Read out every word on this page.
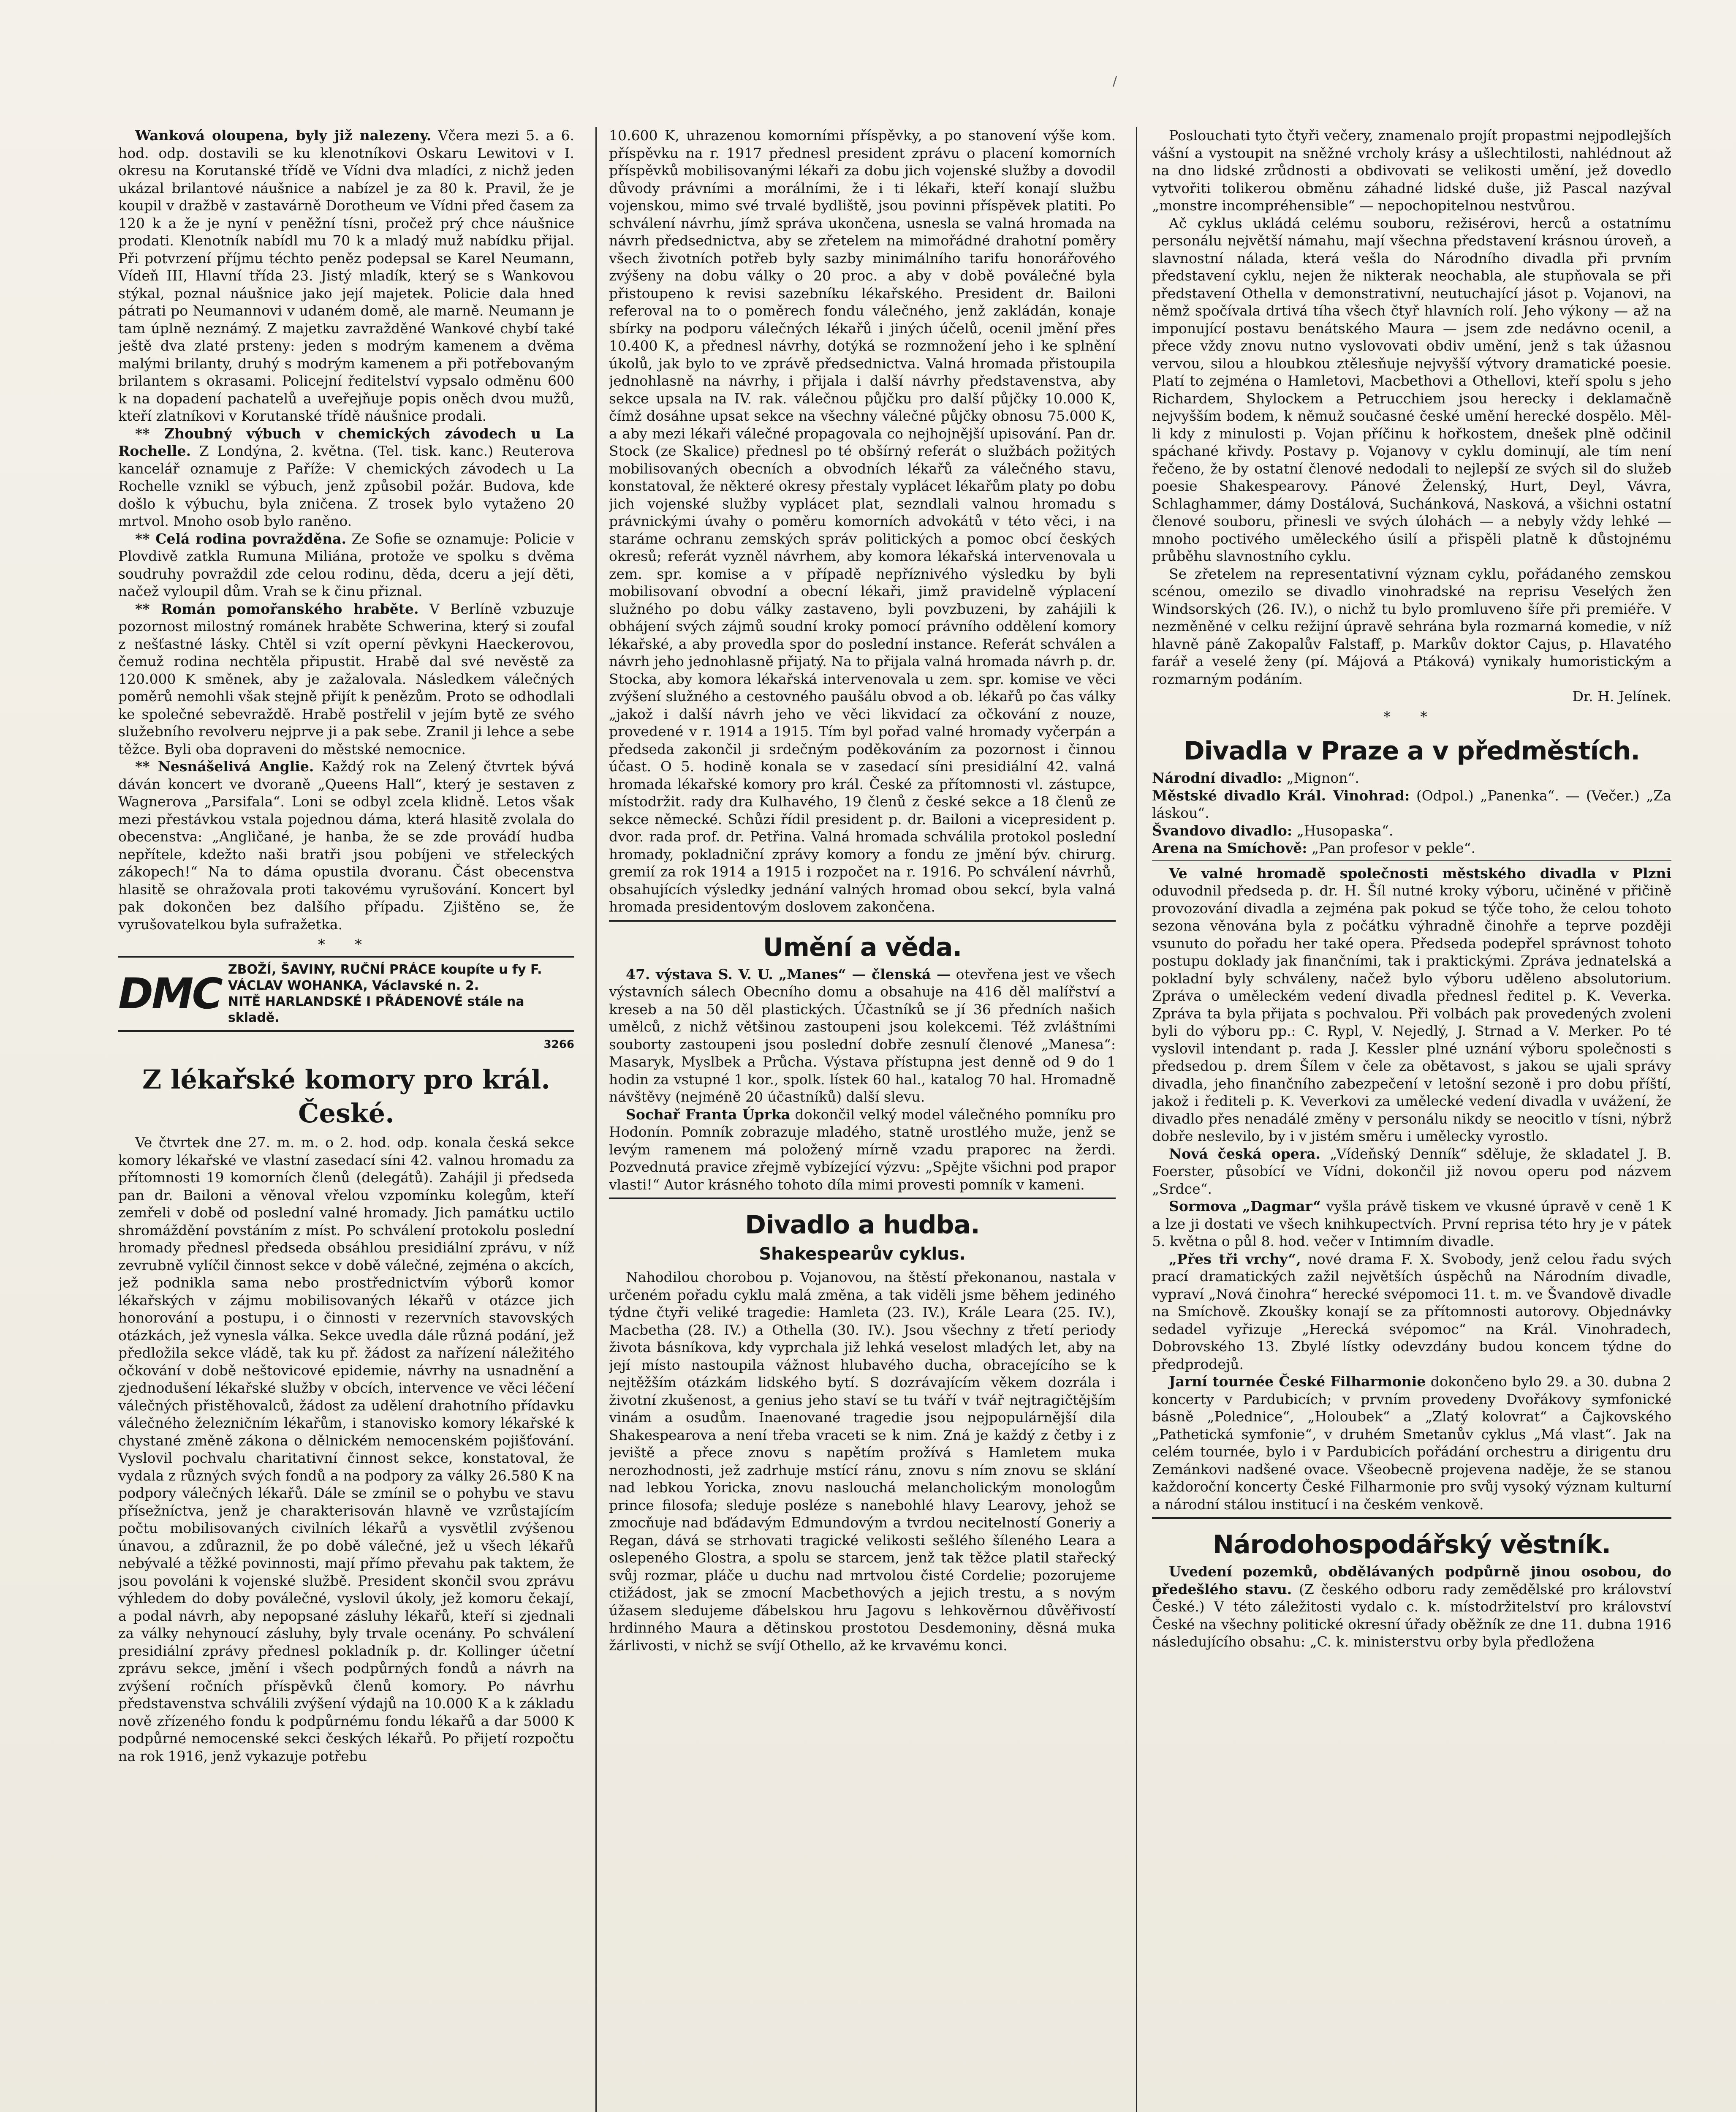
/

Wanková oloupena, byly již nalezeny. Včera mezi 5. a 6. hod. odp. dostavili se ku klenotníkovi Oskaru Lewitovi v I. okresu na Korutanské třídě ve Vídni dva mladíci, z nichž jeden ukázal brilantové náušnice a nabízel je za 80 k. Pravil, že je koupil v dražbě v zastavárně Dorotheum ve Vídni před časem za 120 k a že je nyní v peněžní tísni, pročež prý chce náušnice prodati. Klenotník nabídl mu 70 k a mladý muž nabídku přijal. Při potvrzení příjmu téchto peněz podepsal se Karel Neumann, Vídeň III, Hlavní třída 23. Jistý mladík, který se s Wankovou stýkal, poznal náušnice jako její majetek. Policie dala hned pátrati po Neumannovi v udaném domě, ale marně. Neumann je tam úplně neznámý. Z majetku zavražděné Wankové chybí také ještě dva zlaté prsteny: jeden s modrým kamenem a dvěma malými brilanty, druhý s modrým kamenem a při potřebovaným brilantem s okrasami. Policejní ředitelství vypsalo odměnu 600 k na dopadení pachatelů a uveřejňuje popis oněch dvou mužů, kteří zlatníkovi v Korutanské třídě náušnice prodali.

** Zhoubný výbuch v chemických závodech u La Rochelle. Z Londýna, 2. května. (Tel. tisk. kanc.) Reuterova kancelář oznamuje z Paříže: V chemických závodech u La Rochelle vznikl se výbuch, jenž způsobil požár. Budova, kde došlo k výbuchu, byla zničena. Z trosek bylo vytaženo 20 mrtvol. Mnoho osob bylo raněno.

** Celá rodina povražděna. Ze Sofie se oznamuje: Policie v Plovdivě zatkla Rumuna Miliána, protože ve spolku s dvěma soudruhy povraždil zde celou rodinu, děda, dceru a její děti, načež vyloupil dům. Vrah se k činu přiznal.

** Román pomořanského hraběte. V Berlíně vzbuzuje pozornost milostný románek hraběte Schwerina, který si zoufal z nešťastné lásky. Chtěl si vzít operní pěvkyni Haeckerovou, čemuž rodina nechtěla připustit. Hrabě dal své nevěstě za 120.000 K směnek, aby je zažalovala. Následkem válečných poměrů nemohli však stejně přijít k penězům. Proto se odhodlali ke společné sebevraždě. Hrabě postřelil v jejím bytě ze svého služebního revolveru nejprve ji a pak sebe. Zranil ji lehce a sebe těžce. Byli oba dopraveni do městské nemocnice.

** Nesnášelivá Anglie. Každý rok na Zelený čtvrtek bývá dáván koncert ve dvoraně „Queens Hall“, který je sestaven z Wagnerova „Parsifala“. Loni se odbyl zcela klidně. Letos však mezi přestávkou vstala pojednou dáma, která hlasitě zvolala do obecenstva: „Angličané, je hanba, že se zde provádí hudba nepřítele, kdežto naši bratři jsou pobíjeni ve střeleckých zákopech!“ Na to dáma opustila dvoranu. Část obecenstva hlasitě se ohražovala proti takovému vyrušování. Koncert byl pak dokončen bez dalšího případu. Zjištěno se, že vyrušovatelkou byla sufražetka.

* *

DMC ZBOŽÍ, ŠAVINY, RUČNÍ PRÁCE koupíte u fy F. VÁCLAV WOHANKA, Václavské n. 2.
NITĚ HARLANDSKÉ I PŘÁDENOVÉ stále na skladě.
3266
Z lékařské komory pro král. České.

Ve čtvrtek dne 27. m. m. o 2. hod. odp. konala česká sekce komory lékařské ve vlastní zasedací síni 42. valnou hromadu za přítomnosti 19 komorních členů (delegátů). Zahájil ji předseda pan dr. Bailoni a věnoval vřelou vzpomínku kolegům, kteří zemřeli v době od poslední valné hromady. Jich památku uctilo shromáždění povstáním z míst. Po schválení protokolu poslední hromady přednesl předseda obsáhlou presidiální zprávu, v níž zevrubně vylíčil činnost sekce v době válečné, zejména o akcích, jež podnikla sama nebo prostřednictvím výborů komor lékařských v zájmu mobilisovaných lékařů v otázce jich honorování a postupu, i o činnosti v rezervních stavovských otázkách, jež vynesla válka. Sekce uvedla dále různá podání, jež předložila sekce vládě, tak ku př. žádost za nařízení náležitého očkování v době neštovicové epidemie, návrhy na usnadnění a zjednodušení lékařské služby v obcích, intervence ve věci léčení válečných přistěhovalců, žádost za udělení drahotního přídavku válečného železničním lékařům, i stanovisko komory lékařské k chystané změně zákona o dělnickém nemocenském pojišťování. Vyslovil pochvalu charitativní činnost sekce, konstatoval, že vydala z různých svých fondů a na podpory za války 26.580 K na podpory válečných lékařů. Dále se zmínil se o pohybu ve stavu přísežníctva, jenž je charakterisován hlavně ve vzrůstajícím počtu mobilisovaných civilních lékařů a vysvětlil zvýšenou únavou, a zdůraznil, že po době válečné, jež u všech lékařů nebývalé a těžké povinnosti, mají přímo převahu pak taktem, že jsou povoláni k vojenské službě. President skončil svou zprávu výhledem do doby poválečné, vyslovil úkoly, jež komoru čekají, a podal návrh, aby nepopsané zásluhy lékařů, kteří si zjednali za války nehynoucí zásluhy, byly trvale ocenány. Po schválení presidiální zprávy přednesl pokladník p. dr. Kollinger účetní zprávu sekce, jmění i všech podpůrných fondů a návrh na zvýšení ročních příspěvků členů komory. Po návrhu představenstva schválili zvýšení výdajů na 10.000 K a k základu nově zřízeného fondu k podpůrnému fondu lékařů a dar 5000 K podpůrné nemocenské sekci českých lékařů. Po přijetí rozpočtu na rok 1916, jenž vykazuje potřebu

10.600 K, uhrazenou komorními příspěvky, a po stanovení výše kom. příspěvku na r. 1917 přednesl president zprávu o placení komorních příspěvků mobilisovanými lékaři za dobu jich vojenské služby a dovodil důvody právními a morálními, že i ti lékaři, kteří konají službu vojenskou, mimo své trvalé bydliště, jsou povinni příspěvek platiti. Po schválení návrhu, jímž správa ukončena, usnesla se valná hromada na návrh předsednictva, aby se zřetelem na mimořádné drahotní poměry všech životních potřeb byly sazby minimálního tarifu honorářového zvýšeny na dobu války o 20 proc. a aby v době poválečné byla přistoupeno k revisi sazebníku lékařského. President dr. Bailoni referoval na to o poměrech fondu válečného, jenž zakládán, konaje sbírky na podporu válečných lékařů i jiných účelů, ocenil jmění přes 10.400 K, a přednesl návrhy, dotýká se rozmnožení jeho i ke splnění úkolů, jak bylo to ve zprávě předsednictva. Valná hromada přistoupila jednohlasně na návrhy, i přijala i další návrhy představenstva, aby sekce upsala na IV. rak. válečnou půjčku pro další půjčky 10.000 K, čímž dosáhne upsat sekce na všechny válečné půjčky obnosu 75.000 K, a aby mezi lékaři válečné propagovala co nejhojnější upisování. Pan dr. Stock (ze Skalice) přednesl po té obšírný referát o službách požitých mobilisovaných obecních a obvodních lékařů za válečného stavu, konstatoval, že některé okresy přestaly vyplácet lékařům platy po dobu jich vojenské služby vyplácet plat, sezndlali valnou hromadu s právnickými úvahy o poměru komorních advokátů v této věci, i na staráme ochranu zemských správ politických a pomoc obcí českých okresů; referát vyzněl návrhem, aby komora lékařská intervenovala u zem. spr. komise a v případě nepříznivého výsledku by byli mobilisovaní obvodní a obecní lékaři, jimž pravidelně výplacení služného po dobu války zastaveno, byli povzbuzeni, by zahájili k obhájení svých zájmů soudní kroky pomocí právního oddělení komory lékařské, a aby provedla spor do poslední instance. Referát schválen a návrh jeho jednohlasně přijatý. Na to přijala valná hromada návrh p. dr. Stocka, aby komora lékařská intervenovala u zem. spr. komise ve věci zvýšení služného a cestovného paušálu obvod a ob. lékařů po čas války „jakož i další návrh jeho ve věci likvidací za očkování z nouze, provedené v r. 1914 a 1915. Tím byl pořad valné hromady vyčerpán a předseda zakončil ji srdečným poděkováním za pozornost i činnou účast. O 5. hodině konala se v zasedací síni presidiální 42. valná hromada lékařské komory pro král. České za přítomnosti vl. zástupce, místodržit. rady dra Kulhavého, 19 členů z české sekce a 18 členů ze sekce německé. Schůzi řídil president p. dr. Bailoni a vicepresident p. dvor. rada prof. dr. Petřina. Valná hromada schválila protokol poslední hromady, pokladniční zprávy komory a fondu ze jmění býv. chirurg. gremií za rok 1914 a 1915 i rozpočet na r. 1916. Po schválení návrhů, obsahujících výsledky jednání valných hromad obou sekcí, byla valná hromada presidentovým doslovem zakončena.

Umění a věda.

47. výstava S. V. U. „Manes“ — členská — otevřena jest ve všech výstavních sálech Obecního domu a obsahuje na 416 děl malířství a kreseb a na 50 děl plastických. Účastníků se jí 36 předních našich umělců, z nichž většinou zastoupeni jsou kolekcemi. Též zvláštními souborty zastoupeni jsou poslední dobře zesnulí členové „Manesa“: Masaryk, Myslbek a Průcha. Výstava přístupna jest denně od 9 do 1 hodin za vstupné 1 kor., spolk. lístek 60 hal., katalog 70 hal. Hromadně návštěvy (nejméně 20 účastníků) další slevu.

Sochař Franta Úprka dokončil velký model válečného pomníku pro Hodonín. Pomník zobrazuje mladého, statně urostlého muže, jenž se levým ramenem má položený mírně vzadu praporec na žerdi. Pozvednutá pravice zřejmě vybízející výzvu: „Spějte všichni pod prapor vlasti!“ Autor krásného tohoto díla mimi provesti pomník v kameni.

Divadlo a hudba.
Shakespearův cyklus.

Nahodilou chorobou p. Vojanovou, na štěstí překonanou, nastala v určeném pořadu cyklu malá změna, a tak viděli jsme během jediného týdne čtyři veliké tragedie: Hamleta (23. IV.), Krále Leara (25. IV.), Macbetha (28. IV.) a Othella (30. IV.). Jsou všechny z třetí periody života básníkova, kdy vyprchala již lehká veselost mladých let, aby na její místo nastoupila vážnost hlubavého ducha, obracejícího se k nejtěžším otázkám lidského bytí. S dozrávajícím věkem dozrála i životní zkušenost, a genius jeho staví se tu tváří v tvář nejtragičtějším vinám a osudům. Inaenované tragedie jsou nejpopulárnější dila Shakespearova a není třeba vraceti se k nim. Zná je každý z četby i z jeviště a přece znovu s napětím prožívá s Hamletem muka nerozhodnosti, jež zadrhuje mstící ránu, znovu s ním znovu se sklání nad lebkou Yoricka, znovu naslouchá melancholickým monologům prince filosofa; sleduje posléze s nanebohlé hlavy Learovy, jehož se zmocňuje nad bďádavým Edmundovým a tvrdou necitelností Goneriy a Regan, dává se strhovati tragické velikosti sešlého šíleného Leara a oslepeného Glostra, a spolu se starcem, jenž tak těžce platil stařecký svůj rozmar, pláče u duchu nad mrtvolou čisté Cordelie; pozorujeme ctižádost, jak se zmocní Macbethových a jejich trestu, a s novým úžasem sledujeme ďábelskou hru Jagovu s lehkověrnou důvěřivostí hrdinného Maura a dětinskou prostotou Desdemoniny, děsná muka žárlivosti, v nichž se svíjí Othello, až ke krvavému konci.

Poslouchati tyto čtyři večery, znamenalo projít propastmi nejpodlejších vášní a vystoupit na sněžné vrcholy krásy a ušlechtilosti, nahlédnout až na dno lidské zrůdnosti a obdivovati se velikosti umění, jež dovedlo vytvořiti tolikerou obměnu záhadné lidské duše, již Pascal nazýval „monstre incompréhensible“ — nepochopitelnou nestvůrou.

Ač cyklus ukládá celému souboru, režisérovi, herců a ostatnímu personálu největší námahu, mají všechna představení krásnou úroveň, a slavnostní nálada, která vešla do Národního divadla při prvním představení cyklu, nejen že nikterak neochabla, ale stupňovala se při představení Othella v demonstrativní, neutuchající jásot p. Vojanovi, na němž spočívala drtivá tíha všech čtyř hlavních rolí. Jeho výkony — až na imponující postavu benátského Maura — jsem zde nedávno ocenil, a přece vždy znovu nutno vyslovovati obdiv umění, jenž s tak úžasnou vervou, silou a hloubkou ztělesňuje nejvyšší výtvory dramatické poesie. Platí to zejména o Hamletovi, Macbethovi a Othellovi, kteří spolu s jeho Richardem, Shylockem a Petrucchiem jsou herecky i deklamačně nejvyšším bodem, k němuž současné české umění herecké dospělo. Měl-li kdy z minulosti p. Vojan příčinu k hořkostem, dnešek plně odčinil spáchané křivdy. Postavy p. Vojanovy v cyklu dominují, ale tím není řečeno, že by ostatní členové nedodali to nejlepší ze svých sil do služeb poesie Shakespearovy. Pánové Želenský, Hurt, Deyl, Vávra, Schlaghammer, dámy Dostálová, Suchánková, Nasková, a všichni ostatní členové souboru, přinesli ve svých úlohách — a nebyly vždy lehké — mnoho poctivého uměleckého úsilí a přispěli platně k důstojnému průběhu slavnostního cyklu.

Se zřetelem na representativní význam cyklu, pořádaného zemskou scénou, omezilo se divadlo vinohradské na reprisu Veselých žen Windsorských (26. IV.), o nichž tu bylo promluveno šíře při premiéře. V nezměněné v celku režijní úpravě sehrána byla rozmarná komedie, v níž hlavně páně Zakopalův Falstaff, p. Markův doktor Cajus, p. Hlavatého farář a veselé ženy (pí. Májová a Ptáková) vynikaly humoristickým a rozmarným podáním.

Dr. H. Jelínek.

* *

Divadla v Praze a v předměstích.

Národní divadlo: „Mignon“.

Městské divadlo Král. Vinohrad: (Odpol.) „Panenka“. — (Večer.) „Za láskou“.

Švandovo divadlo: „Husopaska“.

Arena na Smíchově: „Pan profesor v pekle“.

Ve valné hromadě společnosti městského divadla v Plzni oduvodnil předseda p. dr. H. Šíl nutné kroky výboru, učiněné v přičině provozování divadla a zejména pak pokud se týče toho, že celou tohoto sezona věnována byla z počátku výhradně činohře a teprve později vsunuto do pořadu her také opera. Předseda podepřel správnost tohoto postupu doklady jak finančními, tak i praktickými. Zpráva jednatelská a pokladní byly schváleny, načež bylo výboru uděleno absolutorium. Zpráva o uměleckém vedení divadla přednesl ředitel p. K. Veverka. Zpráva ta byla přijata s pochvalou. Při volbách pak provedených zvoleni byli do výboru pp.: C. Rypl, V. Nejedlý, J. Strnad a V. Merker. Po té vyslovil intendant p. rada J. Kessler plné uznání výboru společnosti s předsedou p. drem Šílem v čele za obětavost, s jakou se ujali správy divadla, jeho finančního zabezpečení v letošní sezoně i pro dobu příští, jakož i řediteli p. K. Veverkovi za umělecké vedení divadla v uvážení, že divadlo přes nenadálé změny v personálu nikdy se neocitlo v tísni, nýbrž dobře neslevilo, by i v jistém směru i umělecky vyrostlo.

Nová česká opera. „Vídeňský Denník“ sděluje, že skladatel J. B. Foerster, působící ve Vídni, dokončil již novou operu pod názvem „Srdce“.

Sormova „Dagmar“ vyšla právě tiskem ve vkusné úpravě v ceně 1 K a lze ji dostati ve všech knihkupectvích. První reprisa této hry je v pátek 5. května o půl 8. hod. večer v Intimním divadle.

„Přes tři vrchy“, nové drama F. X. Svobody, jenž celou řadu svých prací dramatických zažil největších úspěchů na Národním divadle, vypraví „Nová činohra“ herecké svépomoci 11. t. m. ve Švandově divadle na Smíchově. Zkoušky konají se za přítomnosti autorovy. Objednávky sedadel vyřizuje „Herecká svépomoc“ na Král. Vinohradech, Dobrovského 13. Zbylé lístky odevzdány budou koncem týdne do předprodejů.

Jarní tournée České Filharmonie dokončeno bylo 29. a 30. dubna 2 koncerty v Pardubicích; v prvním provedeny Dvořákovy symfonické básně „Polednice“, „Holoubek“ a „Zlatý kolovrat“ a Čajkovského „Pathetická symfonie“, v druhém Smetanův cyklus „Má vlast“. Jak na celém tournée, bylo i v Pardubicích pořádání orchestru a dirigentu dru Zemánkovi nadšené ovace. Všeobecně projevena naděje, že se stanou každoroční koncerty České Filharmonie pro svůj vysoký význam kulturní a národní stálou institucí i na českém venkově.

Národohospodářský věstník.

Uvedení pozemků, obdělávaných podpůrně jinou osobou, do předešlého stavu. (Z českého odboru rady zemědělské pro království České.) V této záležitosti vydalo c. k. místodržitelství pro království České na všechny politické okresní úřady oběžník ze dne 11. dubna 1916 následujícího obsahu: „C. k. ministerstvu orby byla předložena
